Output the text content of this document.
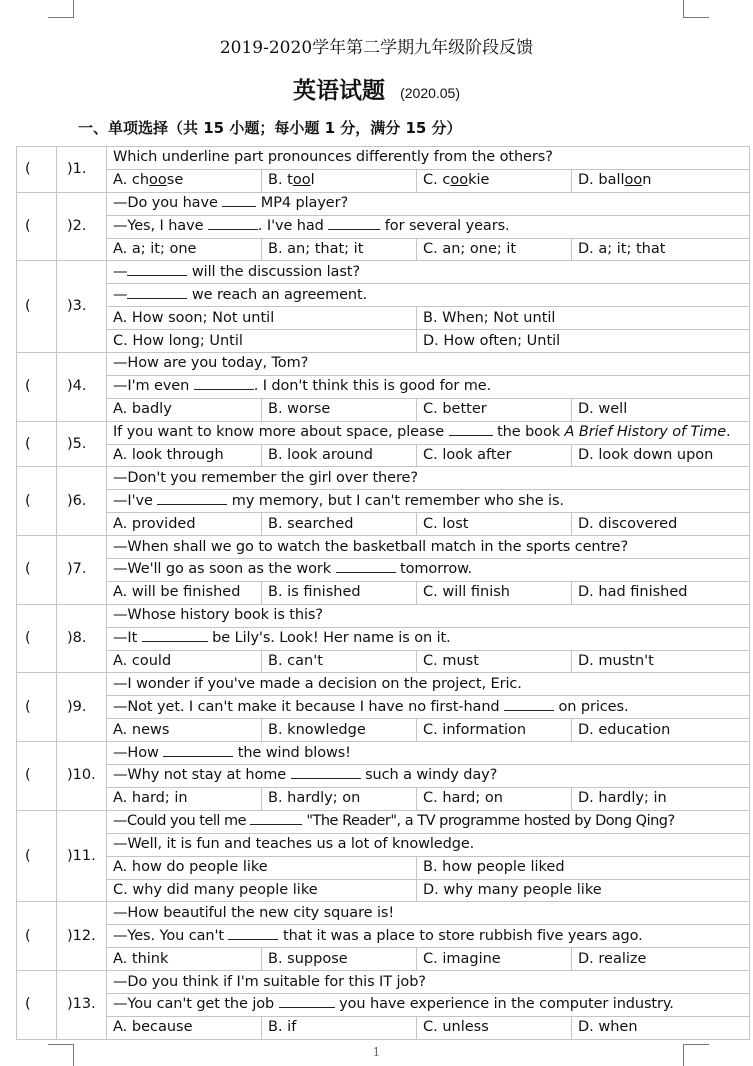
2019-2020学年第二学期九年级阶段反馈
英语试题 (2020.05)
一、单项选择（共 15 小题；每小题 1 分，满分 15 分）
(	)1.	Which underline part pronounces differently from the others?			
		A. choose	B. tool	C. cookie	D. balloon
(	)2.	—Do you have  MP4 player?			
		—Yes, I have . I've had for several years.			
		A. a; it; one	B. an; that; it	C. an; one; it	D. a; it; that
(	)3.	— will the discussion last?			
		— we reach an agreement.			
		A. How soon; Not until		B. When; Not until	
		C. How long; Until		D. How often; Until	
(	)4.	—How are you today, Tom?			
		—I'm even . I don't think this is good for me.			
		A. badly	B. worse	C. better	D. well
(	)5.	If you want to know more about space, please the book A Brief History of Time.			
		A. look through	B. look around	C. look after	D. look down upon
(	)6.	—Don't you remember the girl over there?			
		—I've my memory, but I can't remember who she is.			
		A. provided	B. searched	C. lost	D. discovered
(	)7.	—When shall we go to watch the basketball match in the sports centre?			
		—We'll go as soon as the work tomorrow.			
		A. will be finished	B. is finished	C. will finish	D. had finished
(	)8.	—Whose history book is this?			
		—It be Lily's. Look! Her name is on it.			
		A. could	B. can't	C. must	D. mustn't
(	)9.	—I wonder if you've made a decision on the project, Eric.			
		—Not yet. I can't make it because I have no first-hand on prices.			
		A. news	B. knowledge	C. information	D. education
(	)10.	—How the wind blows!			
		—Why not stay at home such a windy day?			
		A. hard; in	B. hardly; on	C. hard; on	D. hardly; in
(	)11.	—Could you tell me "The Reader", a TV programme hosted by Dong Qing?			
		—Well, it is fun and teaches us a lot of knowledge.			
		A. how do people like		B. how people liked	
		C. why did many people like		D. why many people like	
(	)12.	—How beautiful the new city square is!			
		—Yes. You can't that it was a place to store rubbish five years ago.			
		A. think	B. suppose	C. imagine	D. realize
(	)13.	—Do you think if I'm suitable for this IT job?			
		—You can't get the job you have experience in the computer industry.			
		A. because	B. if	C. unless	D. when
1
